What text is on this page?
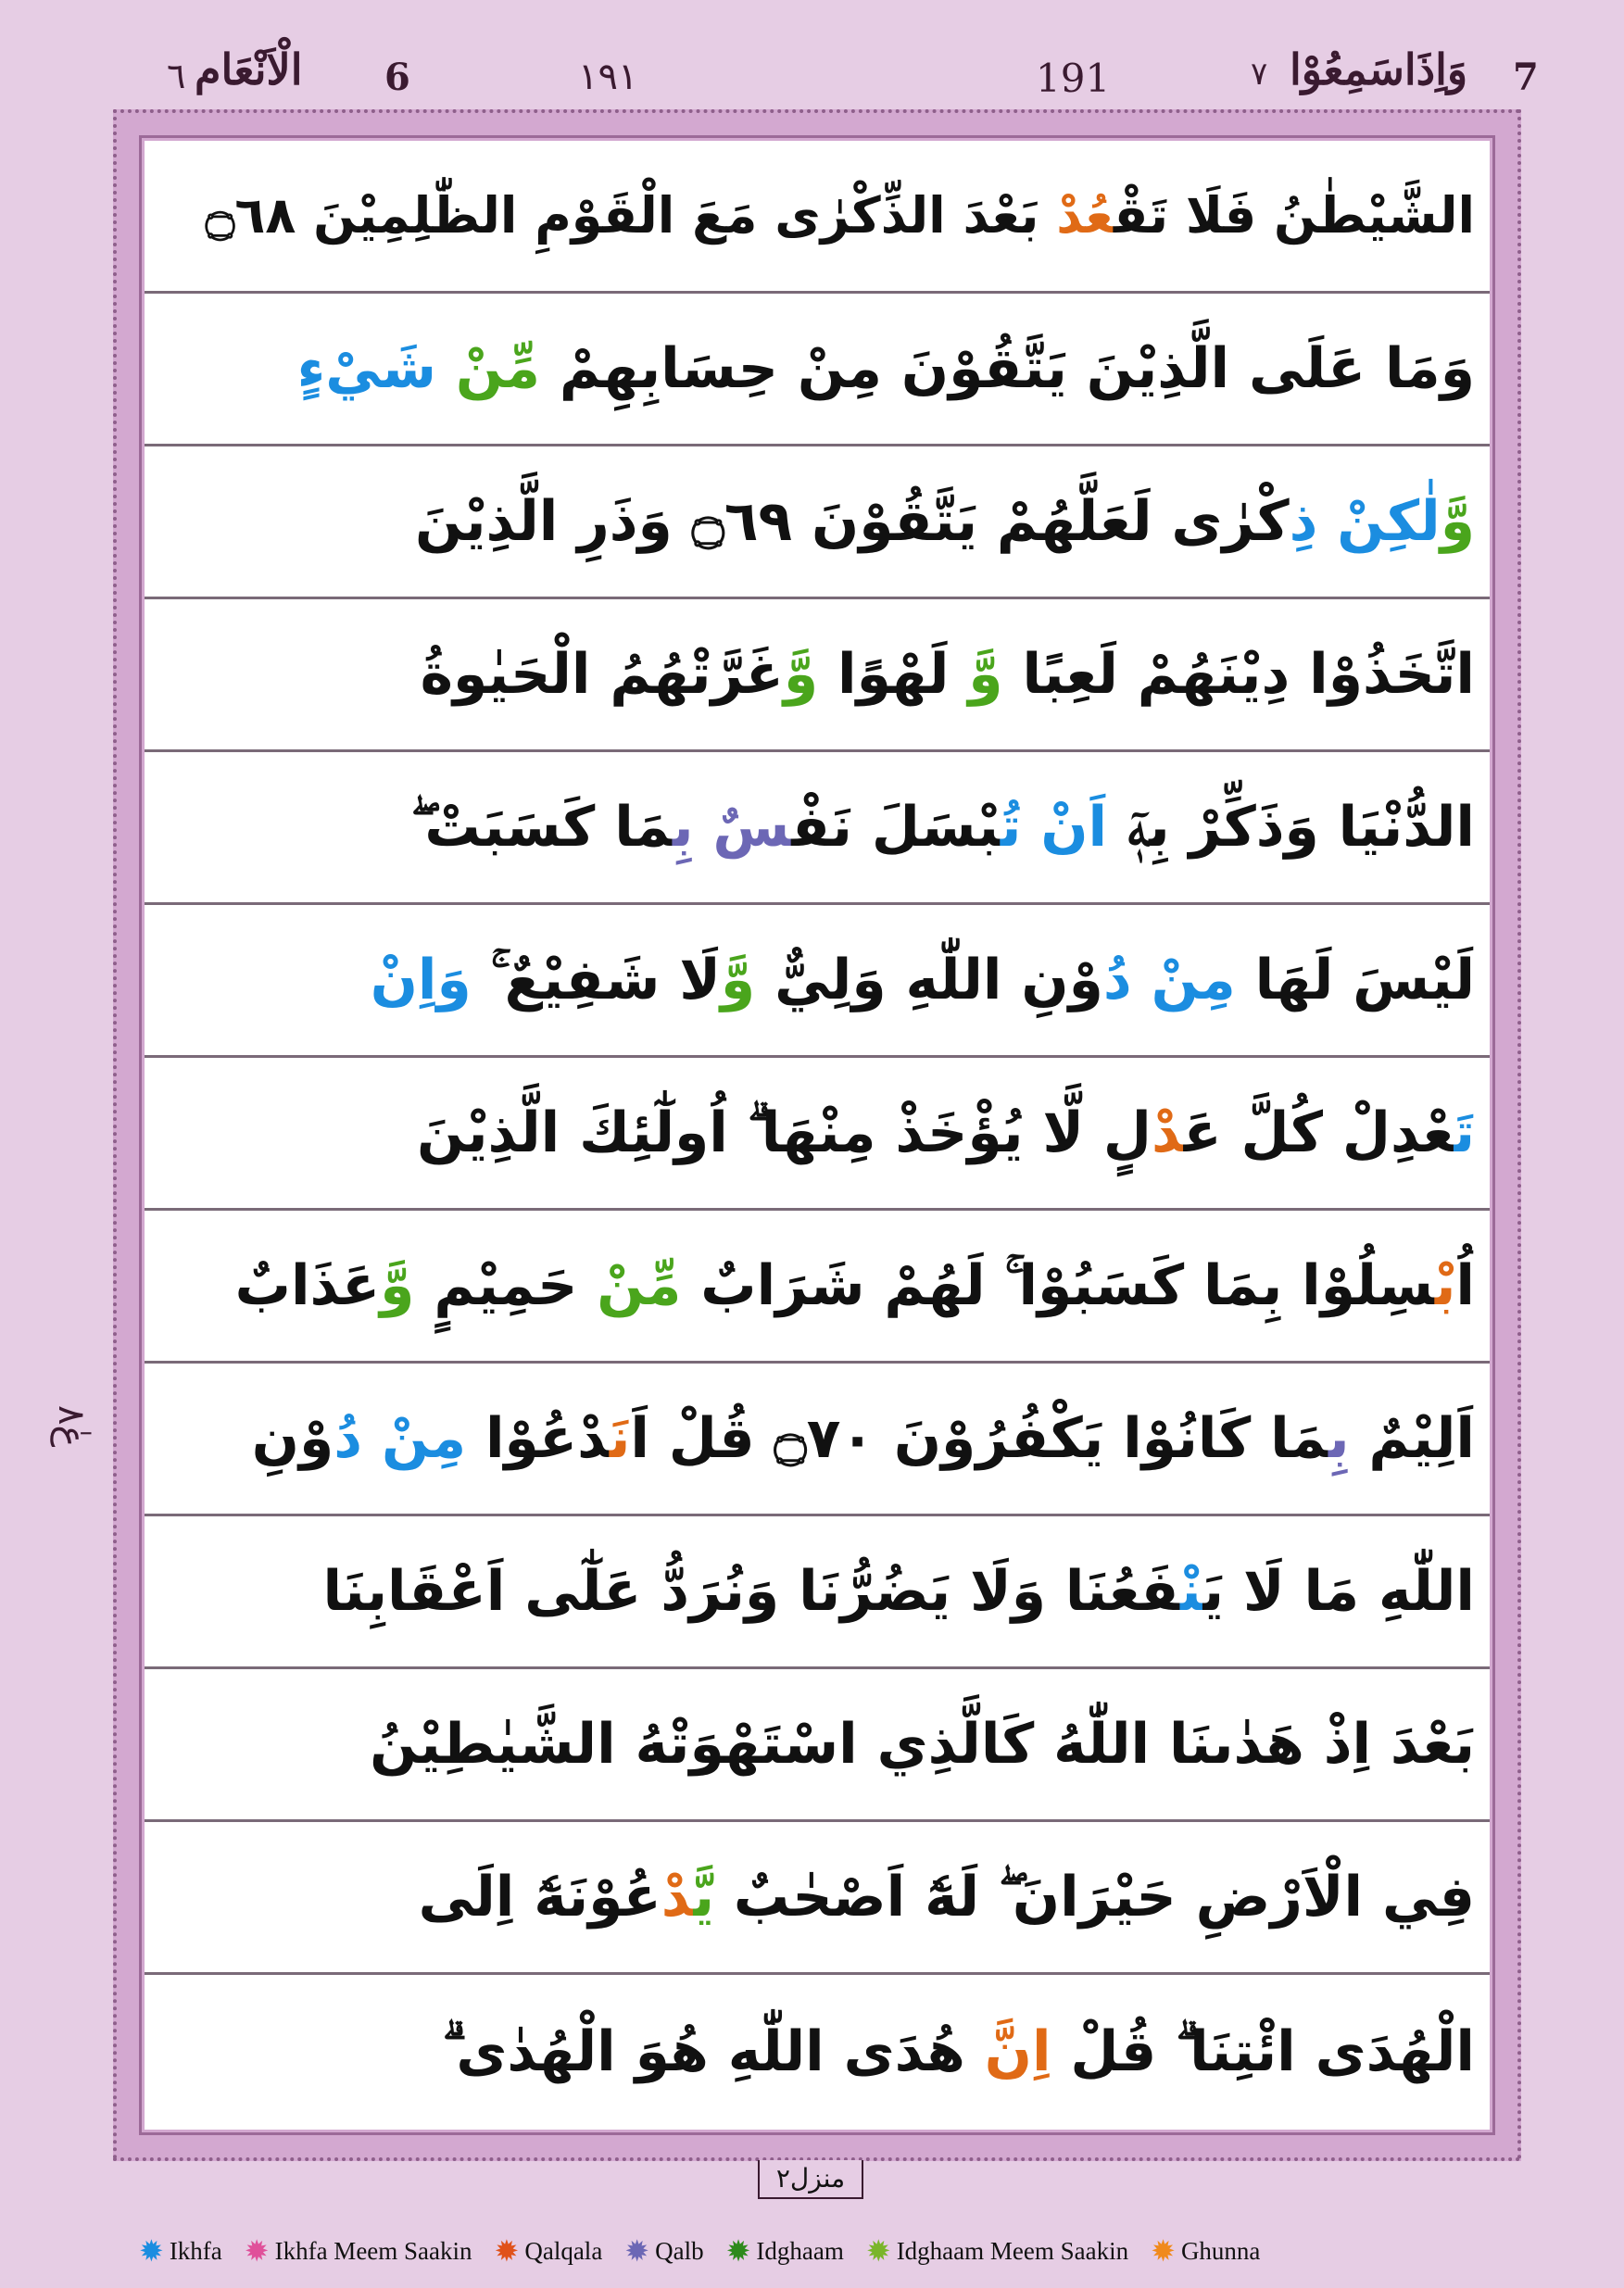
٦ الْاَنْعَام 6	١٩١	191	٧ وَاِذَاسَمِعُوْا 7
الشَّيْطٰنُ فَلَا تَقْعُدْ بَعْدَ الذِّكْرٰى مَعَ الْقَوْمِ الظّٰلِمِيْنَ ۝٦٨
وَمَا عَلَى الَّذِيْنَ يَتَّقُوْنَ مِنْ حِسَابِهِمْ مِّنْ شَيْءٍ
وَّلٰكِنْ ذِكْرٰى لَعَلَّهُمْ يَتَّقُوْنَ ۝٦٩ وَذَرِ الَّذِيْنَ
اتَّخَذُوْا دِيْنَهُمْ لَعِبًا وَّ لَهْوًا وَّغَرَّتْهُمُ الْحَيٰوةُ
الدُّنْيَا وَذَكِّرْ بِهٖٓ اَنْ تُبْسَلَ نَفْسٌ بِمَا كَسَبَتْ ۖ
لَيْسَ لَهَا مِنْ دُوْنِ اللّٰهِ وَلِيٌّ وَّلَا شَفِيْعٌ ۚ وَاِنْ
تَعْدِلْ كُلَّ عَدْلٍ لَّا يُؤْخَذْ مِنْهَا ۗ اُولٰٓئِكَ الَّذِيْنَ
اُبْسِلُوْا بِمَا كَسَبُوْا ۚ لَهُمْ شَرَابٌ مِّنْ حَمِيْمٍ وَّعَذَابٌ
اَلِيْمٌ بِمَا كَانُوْا يَكْفُرُوْنَ ۝٧٠ قُلْ اَنَدْعُوْا مِنْ دُوْنِ
اللّٰهِ مَا لَا يَنْفَعُنَا وَلَا يَضُرُّنَا وَنُرَدُّ عَلٰٓى اَعْقَابِنَا
بَعْدَ اِذْ هَدٰىنَا اللّٰهُ كَالَّذِي اسْتَهْوَتْهُ الشَّيٰطِيْنُ
فِي الْاَرْضِ حَيْرَانَ ۖ لَهٗٓ اَصْحٰبٌ يَّدْعُوْنَهٗٓ اِلَى
الْهُدَى ائْتِنَا ۗ قُلْ اِنَّ هُدَى اللّٰهِ هُوَ الْهُدٰى ۗ
عٰ٨
منزل٢
✹ Ikhfa ✹ Ikhfa Meem Saakin ✹ Qalqala ✹ Qalb ✹ Idghaam ✹ Idghaam Meem Saakin ✹ Ghunna
